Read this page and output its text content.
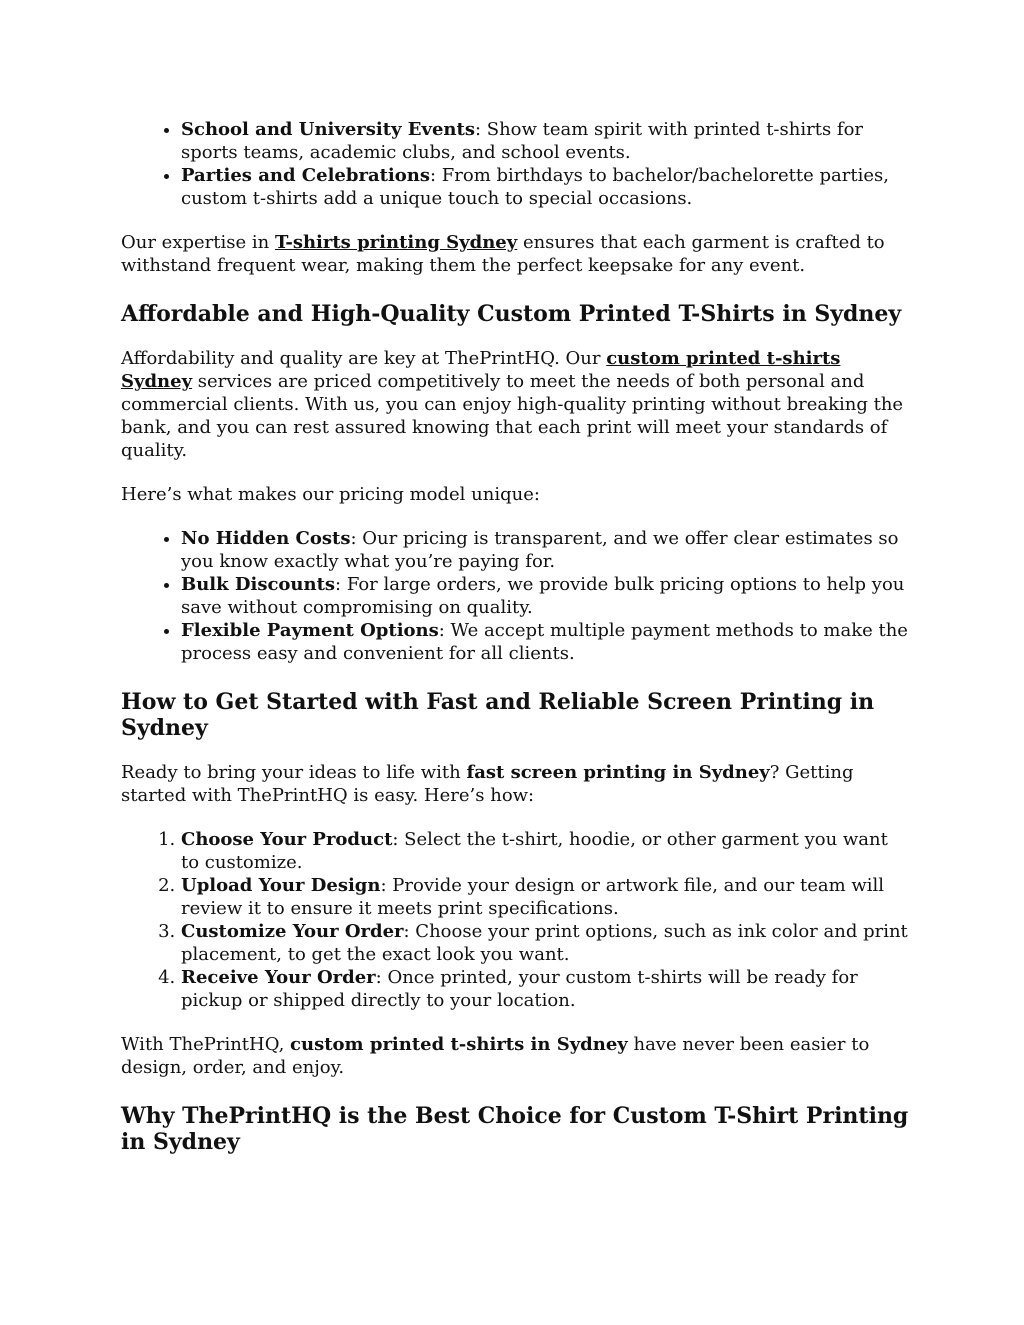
• School and University Events: Show team spirit with printed t-shirts for sports teams, academic clubs, and school events.
• Parties and Celebrations: From birthdays to bachelor/bachelorette parties, custom t-shirts add a unique touch to special occasions.

Our expertise in T-shirts printing Sydney ensures that each garment is crafted to withstand frequent wear, making them the perfect keepsake for any event.

Affordable and High-Quality Custom Printed T-Shirts in Sydney

Affordability and quality are key at ThePrintHQ. Our custom printed t-shirts Sydney services are priced competitively to meet the needs of both personal and commercial clients. With us, you can enjoy high-quality printing without breaking the bank, and you can rest assured knowing that each print will meet your standards of quality.

Here’s what makes our pricing model unique:

• No Hidden Costs: Our pricing is transparent, and we offer clear estimates so you know exactly what you’re paying for.
• Bulk Discounts: For large orders, we provide bulk pricing options to help you save without compromising on quality.
• Flexible Payment Options: We accept multiple payment methods to make the process easy and convenient for all clients.
How to Get Started with Fast and Reliable Screen Printing in Sydney

Ready to bring your ideas to life with fast screen printing in Sydney? Getting started with ThePrintHQ is easy. Here’s how:

1. Choose Your Product: Select the t-shirt, hoodie, or other garment you want to customize.
2. Upload Your Design: Provide your design or artwork file, and our team will review it to ensure it meets print specifications.
3. Customize Your Order: Choose your print options, such as ink color and print placement, to get the exact look you want.
4. Receive Your Order: Once printed, your custom t-shirts will be ready for pickup or shipped directly to your location.

With ThePrintHQ, custom printed t-shirts in Sydney have never been easier to design, order, and enjoy.

Why ThePrintHQ is the Best Choice for Custom T-Shirt Printing in Sydney
